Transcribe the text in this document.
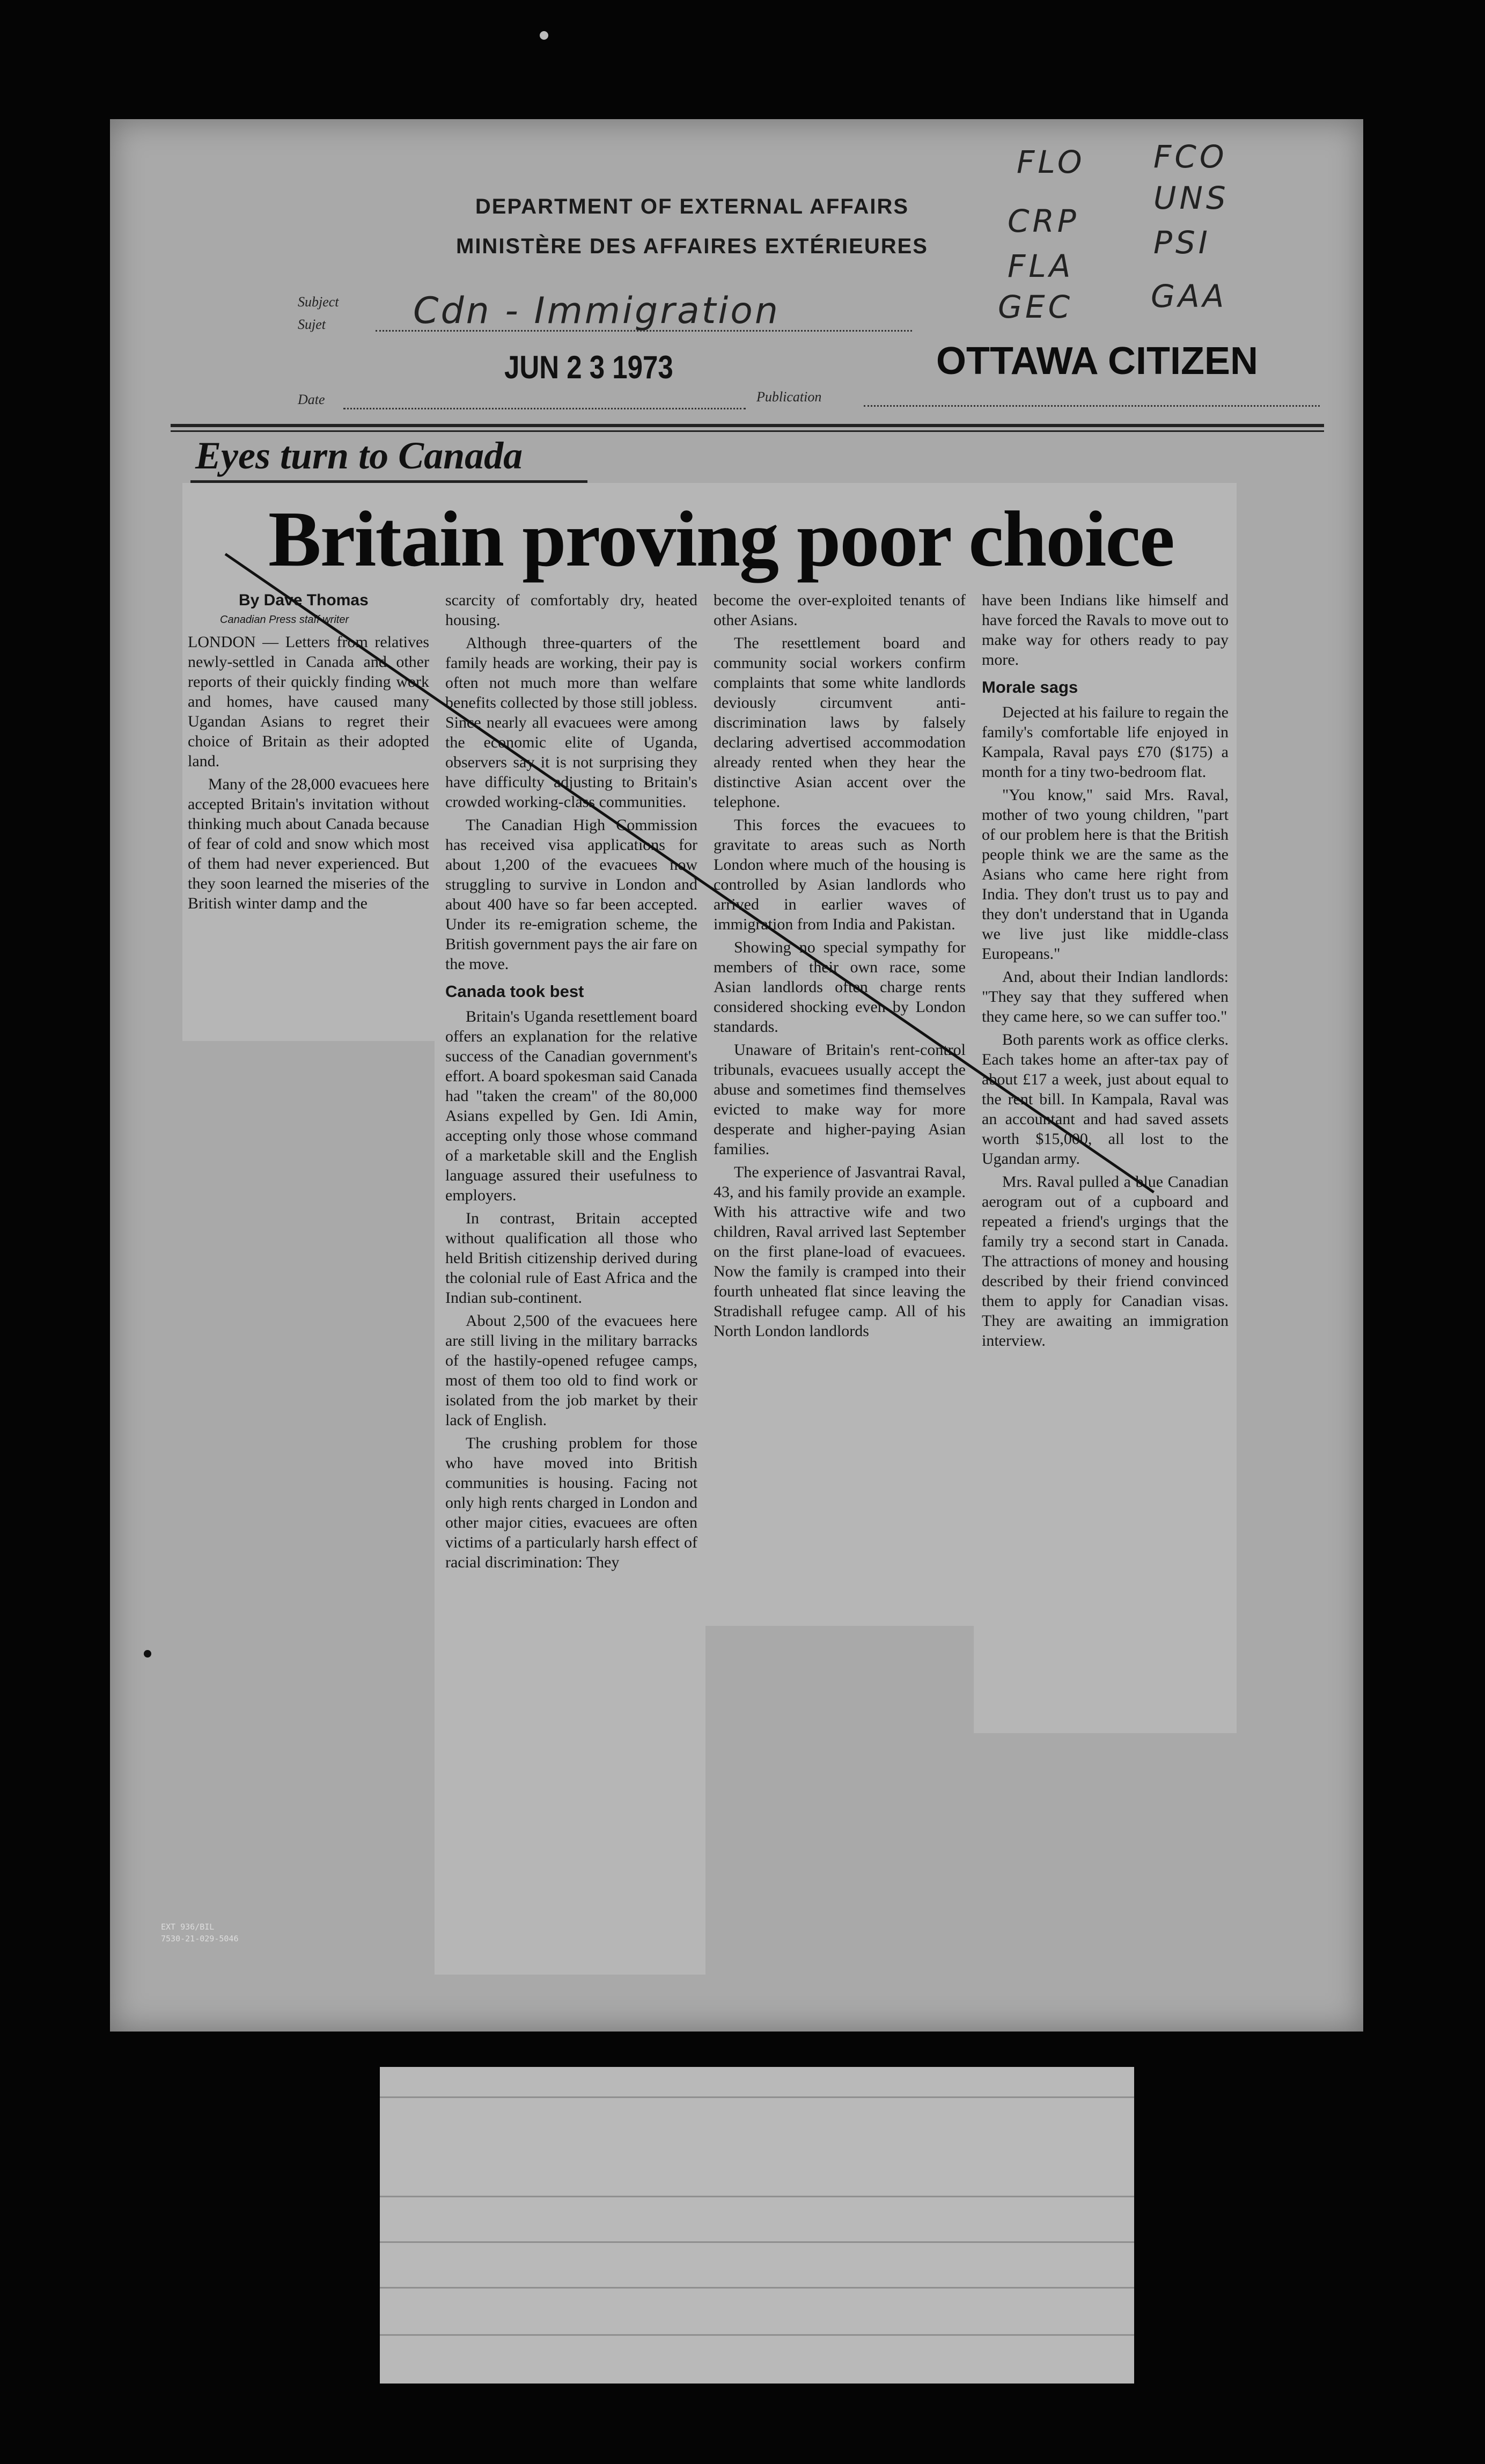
DEPARTMENT OF EXTERNAL AFFAIRS
MINISTÈRE DES AFFAIRES EXTÉRIEURES
FLO FCO
CRP
UNS
FLA
PSI
GEC GAA
Subject
Sujet Cdn - Immigration
JUN 2 3 1973	OTTAWA CITIZEN
Date	Publication
Eyes turn to Canada
Britain proving poor choice

By Dave Thomas

Canadian Press staff writer

LONDON — Letters from relatives newly-settled in Canada and other reports of their quickly finding work and homes, have caused many Ugandan Asians to regret their choice of Britain as their adopted land.

Many of the 28,000 evacuees here accepted Britain's invitation without thinking much about Canada because of fear of cold and snow which most of them had never experienced. But they soon learned the miseries of the British winter damp and the

scarcity of comfortably dry, heated housing.

Although three-quarters of the family heads are working, their pay is often not much more than welfare benefits collected by those still jobless. Since nearly all evacuees were among the economic elite of Uganda, observers say it is not surprising they have difficulty adjusting to Britain's crowded working-class communities.

The Canadian High Commission has received visa applications for about 1,200 of the evacuees now struggling to survive in London and about 400 have so far been accepted. Under its re-emigration scheme, the British government pays the air fare on the move.

Canada took best

Britain's Uganda resettlement board offers an explanation for the relative success of the Canadian government's effort. A board spokesman said Canada had "taken the cream" of the 80,000 Asians expelled by Gen. Idi Amin, accepting only those whose command of a marketable skill and the English language assured their usefulness to employers.

In contrast, Britain accepted without qualification all those who held British citizenship derived during the colonial rule of East Africa and the Indian sub-continent.

About 2,500 of the evacuees here are still living in the military barracks of the hastily-opened refugee camps, most of them too old to find work or isolated from the job market by their lack of English.

The crushing problem for those who have moved into British communities is housing. Facing not only high rents charged in London and other major cities, evacuees are often victims of a particularly harsh effect of racial discrimination: They

become the over-exploited tenants of other Asians.

The resettlement board and community social workers confirm complaints that some white landlords deviously circumvent anti-discrimination laws by falsely declaring advertised accommodation already rented when they hear the distinctive Asian accent over the telephone.

This forces the evacuees to gravitate to areas such as North London where much of the housing is controlled by Asian landlords who arrived in earlier waves of immigration from India and Pakistan.

Showing no special sympathy for members of their own race, some Asian landlords often charge rents considered shocking even by London standards.

Unaware of Britain's rent-control tribunals, evacuees usually accept the abuse and sometimes find themselves evicted to make way for more desperate and higher-paying Asian families.

The experience of Jasvantrai Raval, 43, and his family provide an example. With his attractive wife and two children, Raval arrived last September on the first plane-load of evacuees. Now the family is cramped into their fourth unheated flat since leaving the Stradishall refugee camp. All of his North London landlords

have been Indians like himself and have forced the Ravals to move out to make way for others ready to pay more.

Morale sags

Dejected at his failure to regain the family's comfortable life enjoyed in Kampala, Raval pays £70 ($175) a month for a tiny two-bedroom flat.

"You know," said Mrs. Raval, mother of two young children, "part of our problem here is that the British people think we are the same as the Asians who came here right from India. They don't trust us to pay and they don't understand that in Uganda we live just like middle-class Europeans."

And, about their Indian landlords: "They say that they suffered when they came here, so we can suffer too."

Both parents work as office clerks. Each takes home an after-tax pay of about £17 a week, just about equal to the rent bill. In Kampala, Raval was an accountant and had saved assets worth $15,000, all lost to the Ugandan army.

Mrs. Raval pulled a blue Canadian aerogram out of a cupboard and repeated a friend's urgings that the family try a second start in Canada. The attractions of money and housing described by their friend convinced them to apply for Canadian visas. They are awaiting an immigration interview.

EXT 936/BIL
7530-21-029-5046
